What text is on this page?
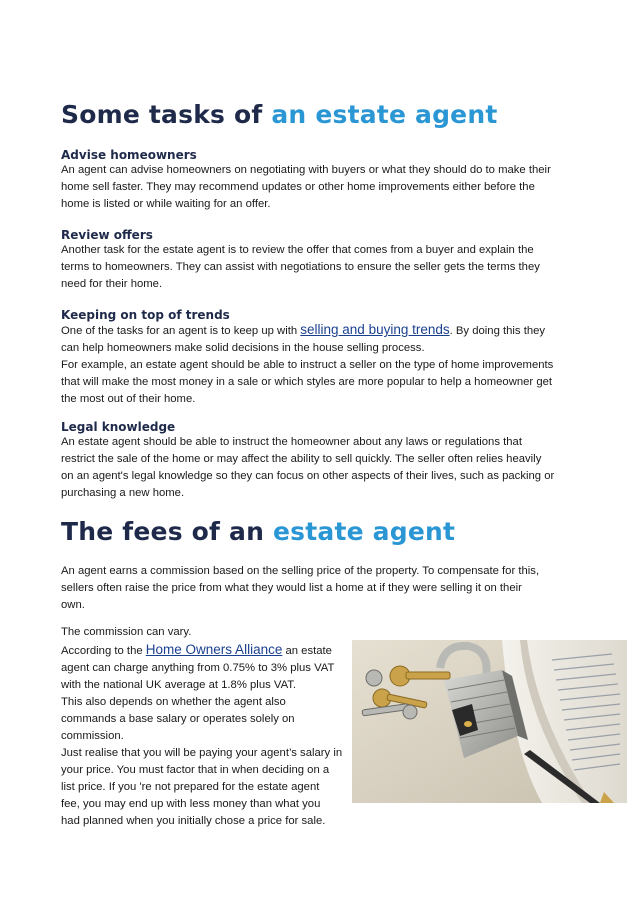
Some tasks of an estate agent
Advise homeowners
An agent can advise homeowners on negotiating with buyers or what they should do to make their
home sell faster. They may recommend updates or other home improvements either before the
home is listed or while waiting for an offer.
Review offers
Another task for the estate agent is to review the offer that comes from a buyer and explain the
terms to homeowners. They can assist with negotiations to ensure the seller gets the terms they
need for their home.
Keeping on top of trends
One of the tasks for an agent is to keep up with selling and buying trends. By doing this they
can help homeowners make solid decisions in the house selling process.
For example, an estate agent should be able to instruct a seller on the type of home improvements
that will make the most money in a sale or which styles are more popular to help a homeowner get
the most out of their home.
Legal knowledge
An estate agent should be able to instruct the homeowner about any laws or regulations that
restrict the sale of the home or may affect the ability to sell quickly. The seller often relies heavily
on an agent's legal knowledge so they can focus on other aspects of their lives, such as packing or
purchasing a new home.
The fees of an estate agent
An agent earns a commission based on the selling price of the property. To compensate for this,
sellers often raise the price from what they would list a home at if they were selling it on their
own.
The commission can vary.
According to the Home Owners Alliance an estate
agent can charge anything from 0.75% to 3% plus VAT
with the national UK average at 1.8% plus VAT.
This also depends on whether the agent also
commands a base salary or operates solely on
commission.
Just realise that you will be paying your agent’s salary in
your price. You must factor that in when deciding on a
list price. If you 're not prepared for the estate agent
fee, you may end up with less money than what you
had planned when you initially chose a price for sale.
